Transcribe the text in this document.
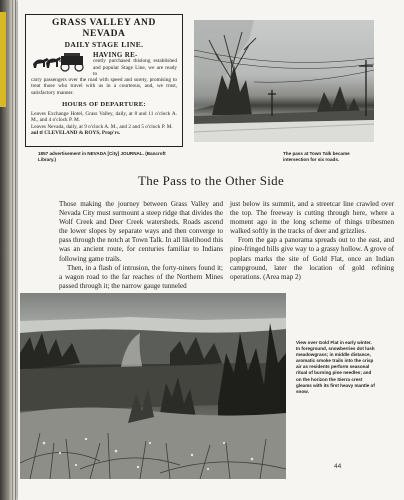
GRASS VALLEY AND NEVADA
DAILY STAGE LINE.
HAVING RE-
cently purchased thislong established and popular Stage Line, we are ready to
carry passengers over the road with speed and surety, promising to treat those who travel with us in a courteous, and, we trust, satisfactory manner.
HOURS OF DEPARTURE:
Leaves Exchange Hotel, Grass Valley, daily, at 8 and 11 o'clock A. M., and 4 o'clock P. M.
Leaves Nevada, daily, at 9 o'clock A. M., and 2 and 5 o'clock P. M.
aul tf CLEVELAND & ROYS, Prop'rs.
1857 advertisement in NEVADA [City] JOURNAL. (Bancroft Library.)
The pass at Town Talk became intersection for six roads.
The Pass to the Other Side

Those making the journey between Grass Valley and Nevada City must surmount a steep ridge that divides the Wolf Creek and Deer Creek watersheds. Roads ascend the lower slopes by separate ways and then converge to pass through the notch at Town Talk. In all likelihood this was an ancient route, for centuries familiar to Indians following game trails.

Then, in a flash of intrusion, the forty-niners found it; a wagon road to the far reaches of the Northern Mines passed through it; the narrow gauge tunneled

just below its summit, and a streetcar line crawled over the top. The freeway is cutting through here, where a moment ago in the long scheme of things tribesmen walked softly in the tracks of deer and grizzlies.

From the gap a panorama spreads out to the east, and pine-fringed hills give way to a grassy hollow. A grove of poplars marks the site of Gold Flat, once an Indian campground, later the location of gold refining operations. (Area map 2)

View over Gold Flat in early winter. In foreground, snowberries dot lush meadowgrass; in middle distance, aromatic smoke trails into the crisp air as residents perform seasonal ritual of burning pine needles; and on the horizon the Sierra crest gleams with its first heavy mantle of snow.
44
